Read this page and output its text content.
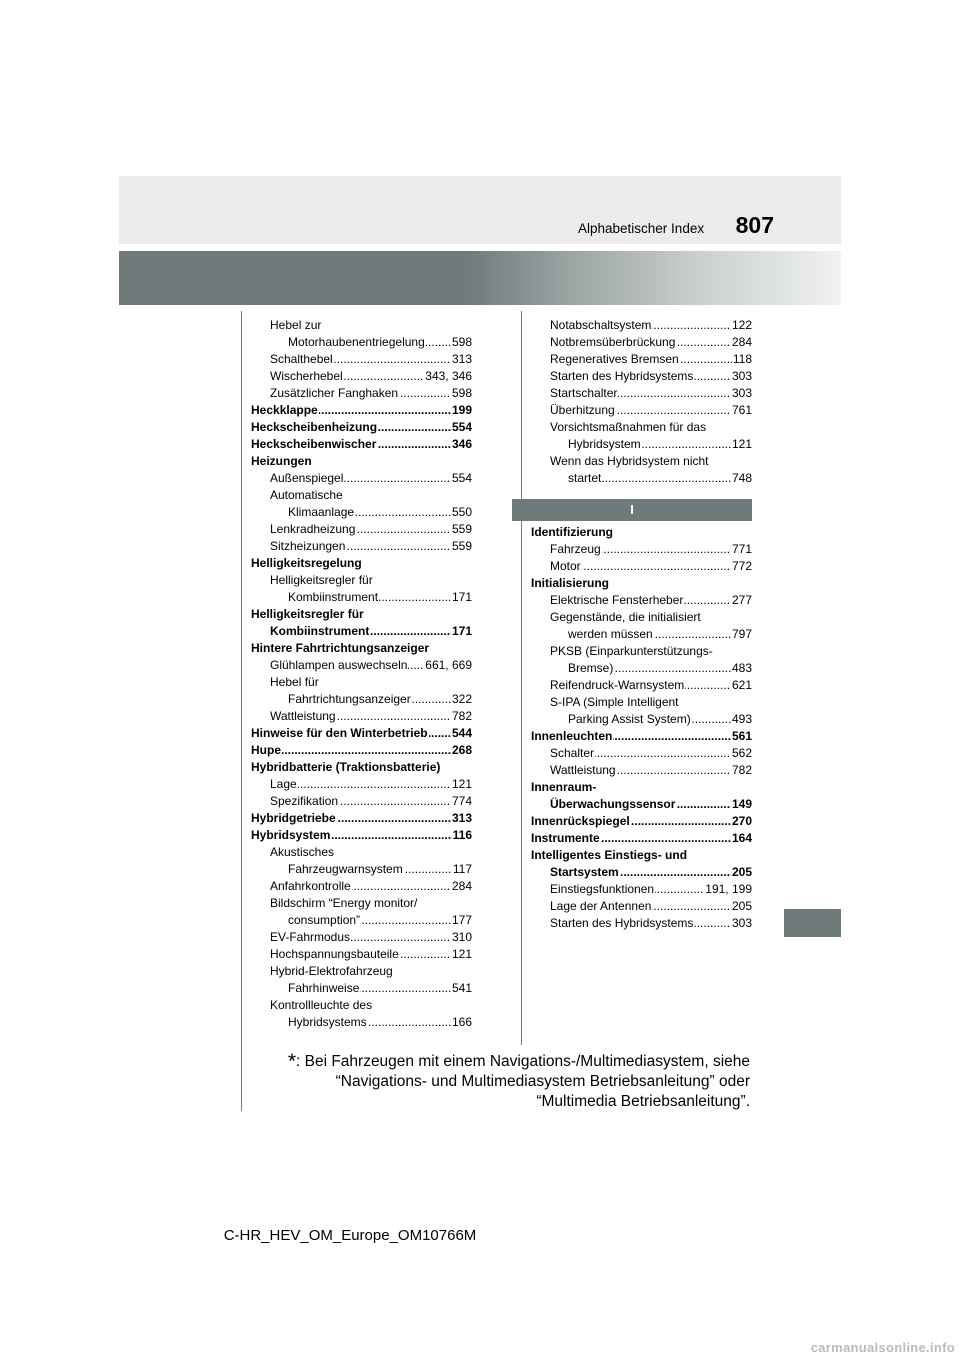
Alphabetischer Index	807
Hebel zur
Motorhaubenentriegelung ..... 598
Schalthebel .....	313
Wischerhebel .....	343, 346
Zusätzlicher Fanghaken .....	598
Heckklappe .....	199
Heckscheibenheizung .....	554
Heckscheibenwischer .....	346
Heizungen
Außenspiegel .....	554
Automatische
Klimaanlage .....	550
Lenkradheizung .....	559
Sitzheizungen .....	559
Helligkeitsregelung
Helligkeitsregler für
Kombiinstrument .....	171
Helligkeitsregler für
Kombiinstrument .....	171
Hintere Fahrtrichtungsanzeiger
Glühlampen auswechseln ..... 661, 669
Hebel für
Fahrtrichtungsanzeiger .....	322
Wattleistung .....	782
Hinweise für den Winterbetrieb ..... 544
Hupe .....	268
Hybridbatterie (Traktionsbatterie)
Lage .....	121
Spezifikation .....	774
Hybridgetriebe .....	313
Hybridsystem .....	116
Akustisches
Fahrzeugwarnsystem .....	117
Anfahrkontrolle .....	284
Bildschirm “Energy monitor/
consumption” .....	177
EV-Fahrmodus .....	310
Hochspannungsbauteile .....	121
Hybrid-Elektrofahrzeug
Fahrhinweise .....	541
Kontrollleuchte des
Hybridsystems .....	166
Notabschaltsystem .....	122
Notbremsüberbrückung .....	284
Regeneratives Bremsen .....	118
Starten des Hybridsystems .....	303
Startschalter .....	303
Überhitzung .....	761
Vorsichtsmaßnahmen für das
Hybridsystem .....	121
Wenn das Hybridsystem nicht
startet .....	748
I
Identifizierung
Fahrzeug .....	771
Motor .....	772
Initialisierung
Elektrische Fensterheber .....	277
Gegenstände, die initialisiert
werden müssen .....	797
PKSB (Einparkunterstützungs-
Bremse) .....	483
Reifendruck-Warnsystem .....	621
S-IPA (Simple Intelligent
Parking Assist System) .....	493
Innenleuchten .....	561
Schalter .....	562
Wattleistung .....	782
Innenraum-
Überwachungssensor .....	149
Innenrückspiegel .....	270
Instrumente .....	164
Intelligentes Einstiegs- und
Startsystem .....	205
Einstiegsfunktionen .....	191, 199
Lage der Antennen .....	205
Starten des Hybridsystems .....	303
*: Bei Fahrzeugen mit einem Navigations-/Multimediasystem, siehe
“Navigations- und Multimediasystem Betriebsanleitung” oder
“Multimedia Betriebsanleitung”.
C-HR_HEV_OM_Europe_OM10766M
carmanualsonline.info
